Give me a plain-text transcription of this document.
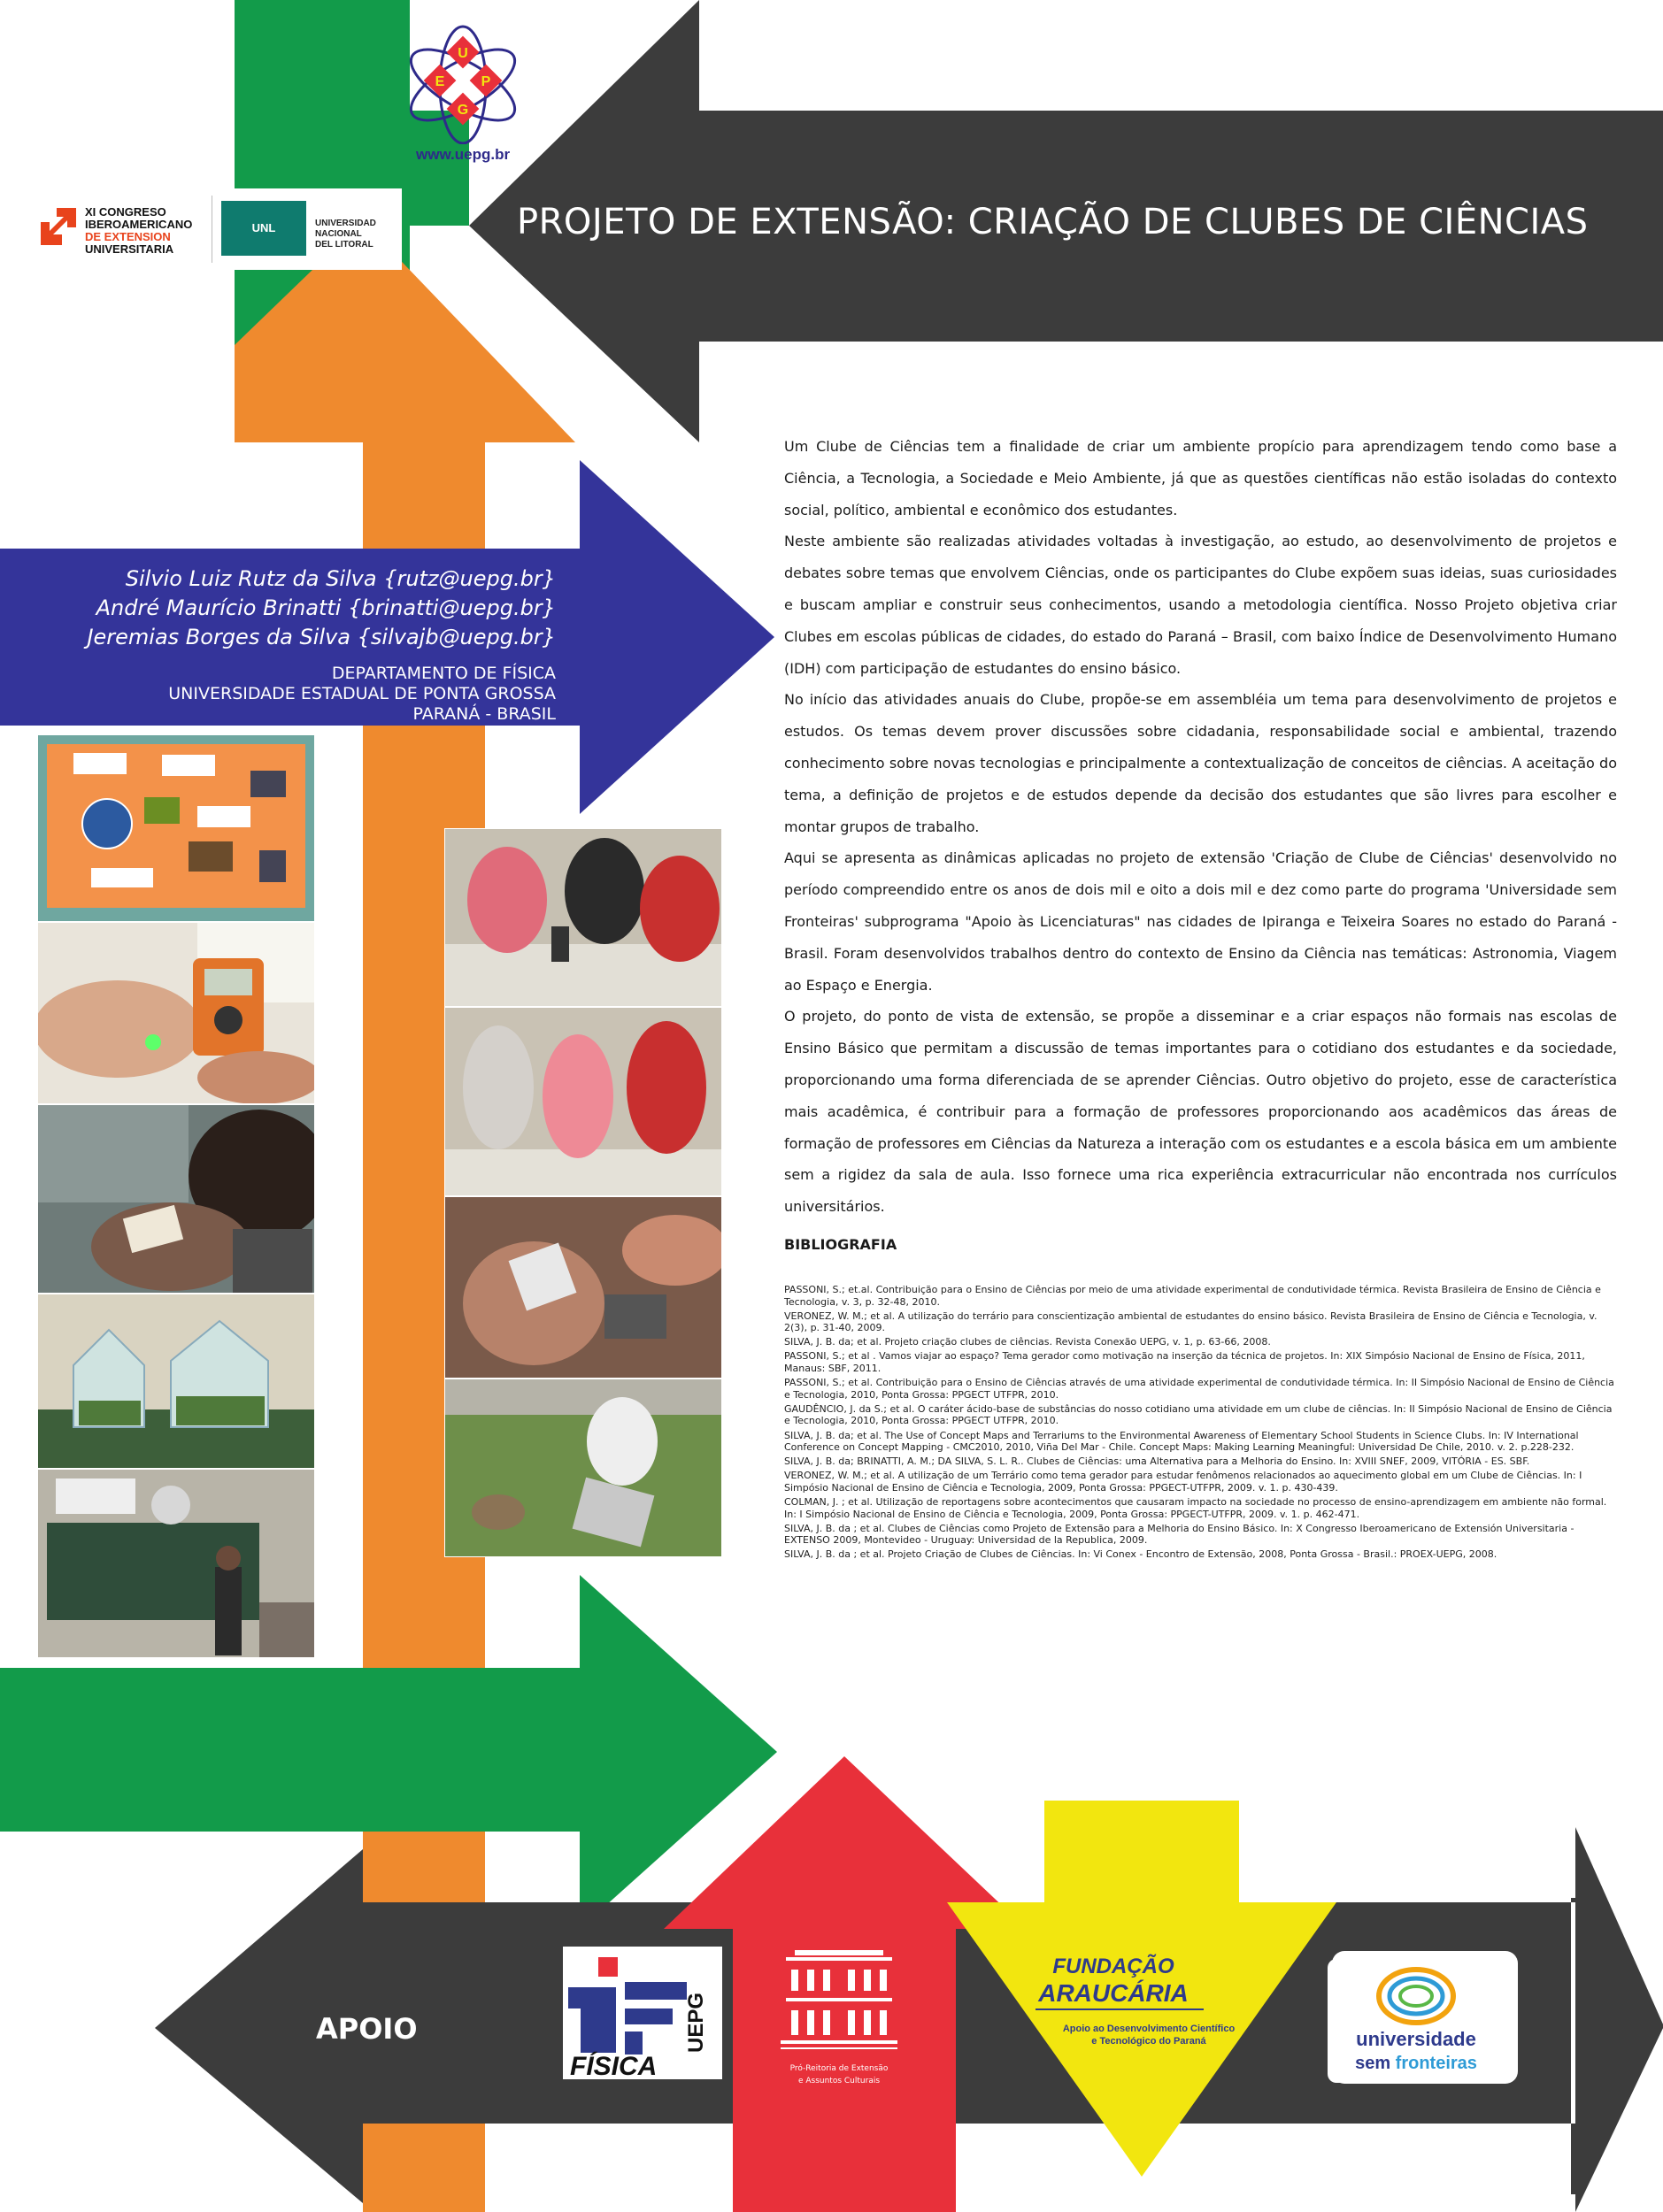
U
E	P
G
www.uepg.br
XI CONGRESO
IBEROAMERICANO
DE EXTENSION
UNIVERSITARIA
UNL	UNIVERSIDAD NACIONAL
DEL LITORAL
PROJETO DE EXTENSÃO: CRIAÇÃO DE CLUBES DE CIÊNCIAS
Silvio Luiz Rutz da Silva {rutz@uepg.br}
André Maurício Brinatti {brinatti@uepg.br}
Jeremias Borges da Silva {silvajb@uepg.br}
DEPARTAMENTO DE FÍSICA
UNIVERSIDADE ESTADUAL DE PONTA GROSSA
PARANÁ - BRASIL

Um Clube de Ciências tem a finalidade de criar um ambiente propício para aprendizagem tendo como base a Ciência, a Tecnologia, a Sociedade e Meio Ambiente, já que as questões científicas não estão isoladas do contexto social, político, ambiental e econômico dos estudantes.

Neste ambiente são realizadas atividades voltadas à investigação, ao estudo, ao desenvolvimento de projetos e debates sobre temas que envolvem Ciências, onde os participantes do Clube expõem suas ideias, suas curiosidades e buscam ampliar e construir seus conhecimentos, usando a metodologia científica. Nosso Projeto objetiva criar Clubes em escolas públicas de cidades, do estado do Paraná – Brasil, com baixo Índice de Desenvolvimento Humano (IDH) com participação de estudantes do ensino básico.

No início das atividades anuais do Clube, propõe-se em assembléia um tema para desenvolvimento de projetos e estudos. Os temas devem prover discussões sobre cidadania, responsabilidade social e ambiental, trazendo conhecimento sobre novas tecnologias e principalmente a contextualização de conceitos de ciências. A aceitação do tema, a definição de projetos e de estudos depende da decisão dos estudantes que são livres para escolher e montar grupos de trabalho.

Aqui se apresenta as dinâmicas aplicadas no projeto de extensão 'Criação de Clube de Ciências' desenvolvido no período compreendido entre os anos de dois mil e oito a dois mil e dez como parte do programa 'Universidade sem Fronteiras' subprograma "Apoio às Licenciaturas" nas cidades de Ipiranga e Teixeira Soares no estado do Paraná - Brasil. Foram desenvolvidos trabalhos dentro do contexto de Ensino da Ciência nas temáticas: Astronomia, Viagem ao Espaço e Energia.

O projeto, do ponto de vista de extensão, se propõe a disseminar e a criar espaços não formais nas escolas de Ensino Básico que permitam a discussão de temas importantes para o cotidiano dos estudantes e da sociedade, proporcionando uma forma diferenciada de se aprender Ciências. Outro objetivo do projeto, esse de característica mais acadêmica, é contribuir para a formação de professores proporcionando aos acadêmicos das áreas de formação de professores em Ciências da Natureza a interação com os estudantes e a escola básica em um ambiente sem a rigidez da sala de aula. Isso fornece uma rica experiência extracurricular não encontrada nos currículos universitários.

BIBLIOGRAFIA

PASSONI, S.; et.al. Contribuição para o Ensino de Ciências por meio de uma atividade experimental de condutividade térmica. Revista Brasileira de Ensino de Ciência e Tecnologia, v. 3, p. 32-48, 2010.

VERONEZ, W. M.; et al. A utilização do terrário para conscientização ambiental de estudantes do ensino básico. Revista Brasileira de Ensino de Ciência e Tecnologia, v. 2(3), p. 31-40, 2009.

SILVA, J. B. da; et al. Projeto criação clubes de ciências. Revista Conexão UEPG, v. 1, p. 63-66, 2008.

PASSONI, S.; et al . Vamos viajar ao espaço? Tema gerador como motivação na inserção da técnica de projetos. In: XIX Simpósio Nacional de Ensino de Física, 2011, Manaus: SBF, 2011.

PASSONI, S.; et al. Contribuição para o Ensino de Ciências através de uma atividade experimental de condutividade térmica. In: II Simpósio Nacional de Ensino de Ciência e Tecnologia, 2010, Ponta Grossa: PPGECT UTFPR, 2010.

GAUDÊNCIO, J. da S.; et al. O caráter ácido-base de substâncias do nosso cotidiano uma atividade em um clube de ciências. In: II Simpósio Nacional de Ensino de Ciência e Tecnologia, 2010, Ponta Grossa: PPGECT UTFPR, 2010.

SILVA, J. B. da; et al. The Use of Concept Maps and Terrariums to the Environmental Awareness of Elementary School Students in Science Clubs. In: IV International Conference on Concept Mapping - CMC2010, 2010, Viña Del Mar - Chile. Concept Maps: Making Learning Meaningful: Universidad De Chile, 2010. v. 2. p.228-232.

SILVA, J. B. da; BRINATTI, A. M.; DA SILVA, S. L. R.. Clubes de Ciências: uma Alternativa para a Melhoria do Ensino. In: XVIII SNEF, 2009, VITÓRIA - ES. SBF.

VERONEZ, W. M.; et al. A utilização de um Terrário como tema gerador para estudar fenômenos relacionados ao aquecimento global em um Clube de Ciências. In: I Simpósio Nacional de Ensino de Ciência e Tecnologia, 2009, Ponta Grossa: PPGECT-UTFPR, 2009. v. 1. p. 430-439.

COLMAN, J. ; et al. Utilização de reportagens sobre acontecimentos que causaram impacto na sociedade no processo de ensino-aprendizagem em ambiente não formal. In: I Simpósio Nacional de Ensino de Ciência e Tecnologia, 2009, Ponta Grossa: PPGECT-UTFPR, 2009. v. 1. p. 462-471.

SILVA, J. B. da ; et al. Clubes de Ciências como Projeto de Extensão para a Melhoria do Ensino Básico. In: X Congresso Iberoamericano de Extensión Universitaria - EXTENSO 2009, Montevideo - Uruguay: Universidad de la Republica, 2009.

SILVA, J. B. da ; et al. Projeto Criação de Clubes de Ciências. In: Vi Conex - Encontro de Extensão, 2008, Ponta Grossa - Brasil.: PROEX-UEPG, 2008.

APOIO
FÍSICA
UEPG
Pró-Reitoria de Extensão
e Assuntos Culturais
FUNDAÇÃO
ARAUCÁRIA
Apoio ao Desenvolvimento Científico
e Tecnológico do Paraná	universidade
sem fronteiras
